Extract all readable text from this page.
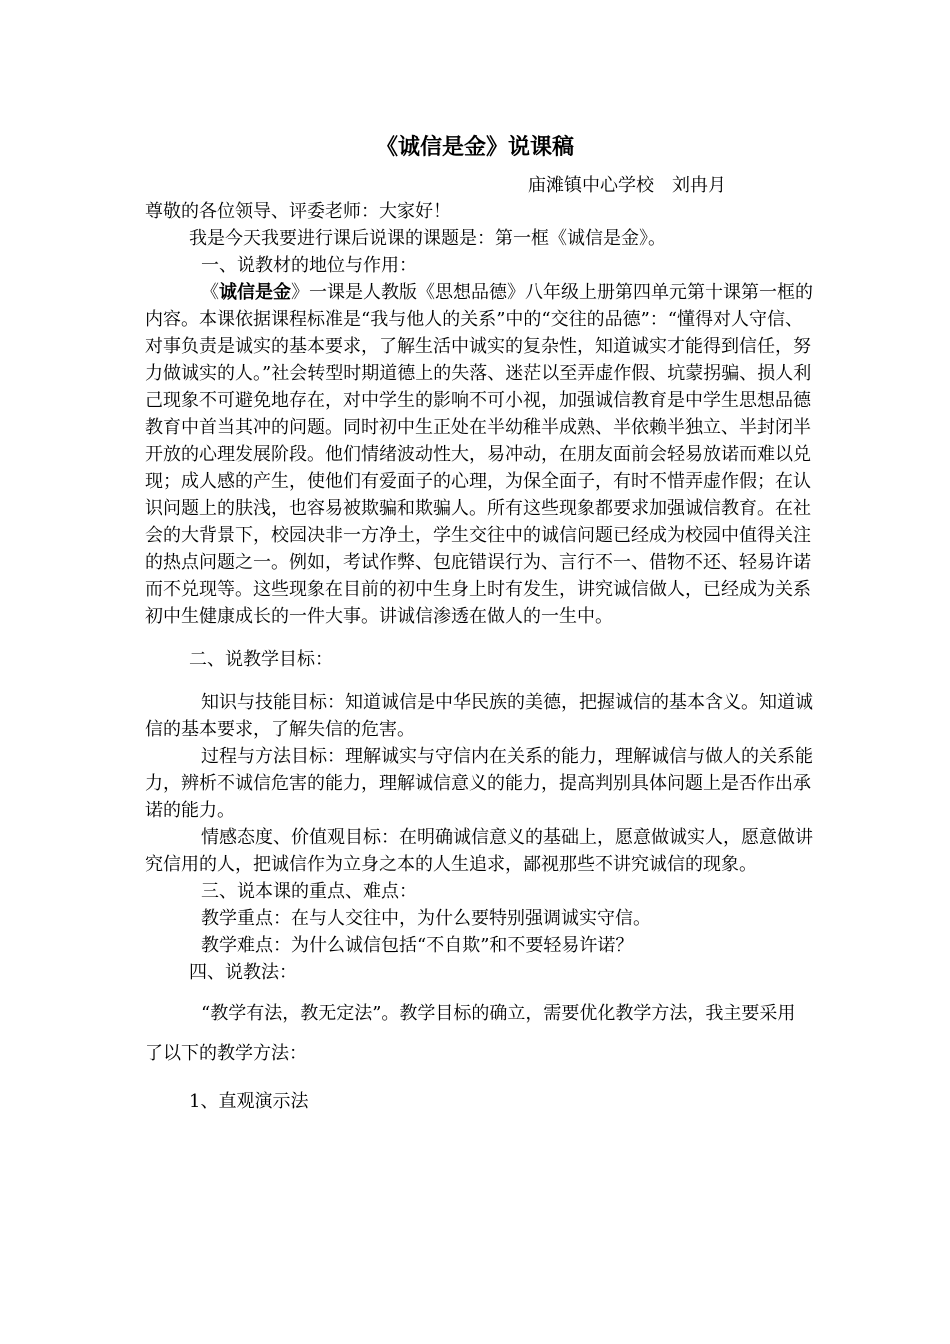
《诚信是金》说课稿
庙滩镇中心学校　刘冉月

尊敬的各位领导、评委老师：大家好！

我是今天我要进行课后说课的课题是：第一框《诚信是金》。

一、说教材的地位与作用：

《诚信是金》一课是人教版《思想品德》八年级上册第四单元第十课第一框的内容。本课依据课程标准是“我与他人的关系”中的“交往的品德”：“懂得对人守信、对事负责是诚实的基本要求，了解生活中诚实的复杂性，知道诚实才能得到信任，努力做诚实的人。”社会转型时期道德上的失落、迷茫以至弄虚作假、坑蒙拐骗、损人利己现象不可避免地存在，对中学生的影响不可小视，加强诚信教育是中学生思想品德教育中首当其冲的问题。同时初中生正处在半幼稚半成熟、半依赖半独立、半封闭半开放的心理发展阶段。他们情绪波动性大，易冲动，在朋友面前会轻易放诺而难以兑现；成人感的产生，使他们有爱面子的心理，为保全面子，有时不惜弄虚作假；在认识问题上的肤浅，也容易被欺骗和欺骗人。所有这些现象都要求加强诚信教育。在社会的大背景下，校园决非一方净土，学生交往中的诚信问题已经成为校园中值得关注的热点问题之一。例如，考试作弊、包庇错误行为、言行不一、借物不还、轻易许诺而不兑现等。这些现象在目前的初中生身上时有发生，讲究诚信做人，已经成为关系初中生健康成长的一件大事。讲诚信渗透在做人的一生中。

二、说教学目标：

知识与技能目标：知道诚信是中华民族的美德，把握诚信的基本含义。知道诚信的基本要求，了解失信的危害。

过程与方法目标：理解诚实与守信内在关系的能力，理解诚信与做人的关系能力，辨析不诚信危害的能力，理解诚信意义的能力，提高判别具体问题上是否作出承诺的能力。

情感态度、价值观目标：在明确诚信意义的基础上，愿意做诚实人，愿意做讲究信用的人，把诚信作为立身之本的人生追求，鄙视那些不讲究诚信的现象。

三、说本课的重点、难点：

教学重点：在与人交往中，为什么要特别强调诚实守信。

教学难点：为什么诚信包括“不自欺”和不要轻易许诺？

四、说教法：

“教学有法，教无定法”。教学目标的确立，需要优化教学方法，我主要采用了以下的教学方法：

1、直观演示法
